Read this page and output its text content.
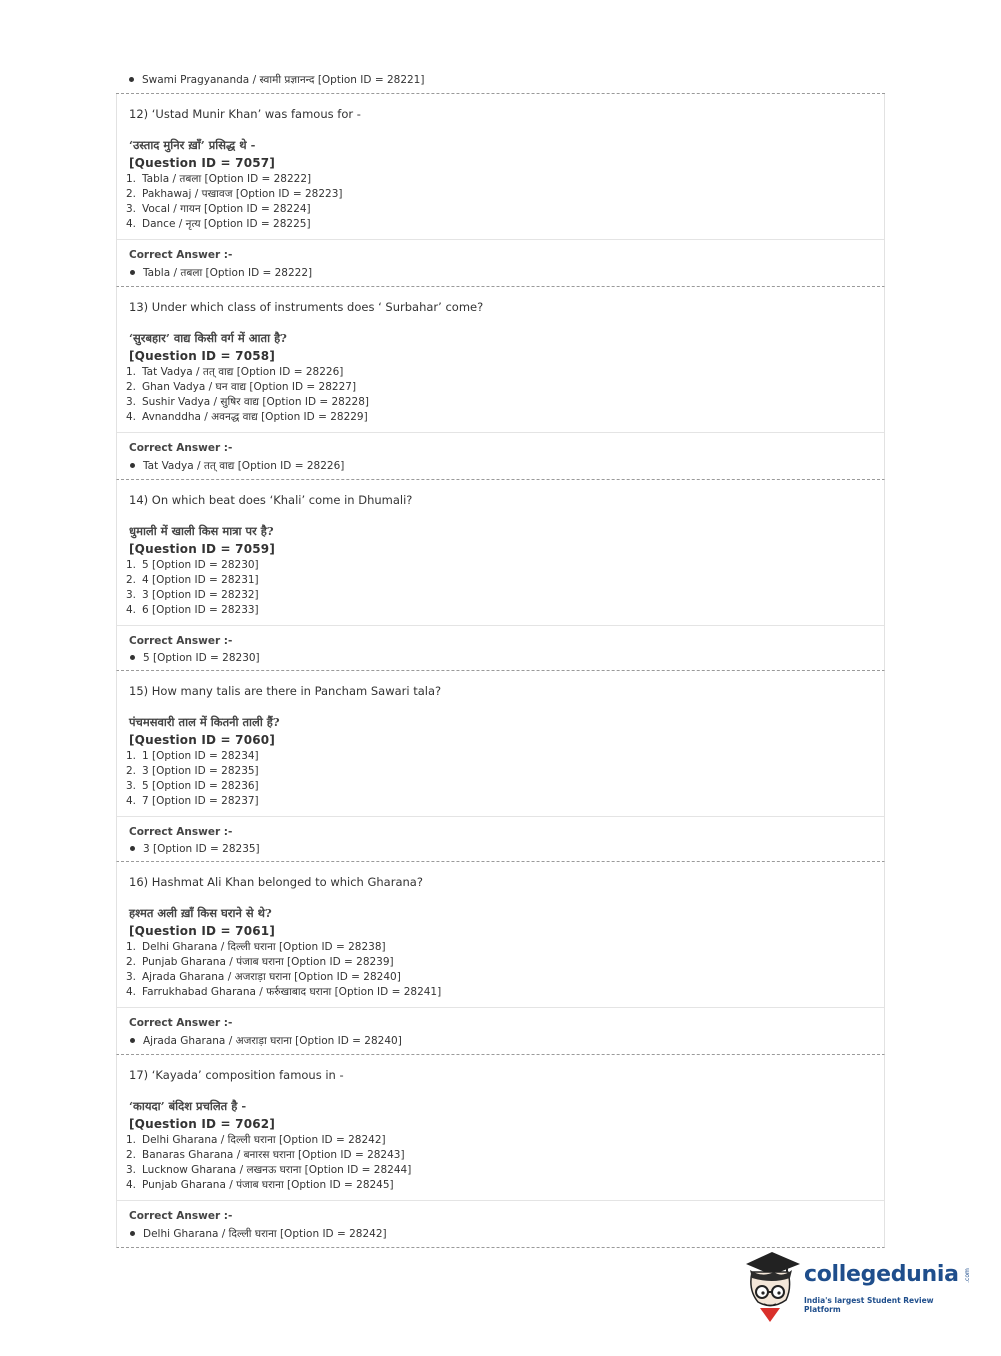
Swami Pragyananda / स्वामी प्रज्ञानन्द [Option ID = 28221]
12) ‘Ustad Munir Khan’ was famous for -
‘उस्ताद मुनिर ख़ाँ’ प्रसिद्ध थे -
[Question ID = 7057]
1. Tabla / तबला [Option ID = 28222]
2. Pakhawaj / पखावज [Option ID = 28223]
3. Vocal / गायन [Option ID = 28224]
4. Dance / नृत्य [Option ID = 28225]
Correct Answer :-
Tabla / तबला [Option ID = 28222]
13) Under which class of instruments does ‘ Surbahar’ come?
‘सुरबहार’ वाद्य किसी वर्ग में आता है?
[Question ID = 7058]
1. Tat Vadya / तत् वाद्य [Option ID = 28226]
2. Ghan Vadya / घन वाद्य [Option ID = 28227]
3. Sushir Vadya / सुषिर वाद्य [Option ID = 28228]
4. Avnanddha / अवनद्ध वाद्य [Option ID = 28229]
Correct Answer :-
Tat Vadya / तत् वाद्य [Option ID = 28226]
14) On which beat does ‘Khali’ come in Dhumali?
धुमाली में खाली किस मात्रा पर है?
[Question ID = 7059]
1. 5 [Option ID = 28230]
2. 4 [Option ID = 28231]
3. 3 [Option ID = 28232]
4. 6 [Option ID = 28233]
Correct Answer :-
5 [Option ID = 28230]
15) How many talis are there in Pancham Sawari tala?
पंचमसवारी ताल में कितनी ताली हैं?
[Question ID = 7060]
1. 1 [Option ID = 28234]
2. 3 [Option ID = 28235]
3. 5 [Option ID = 28236]
4. 7 [Option ID = 28237]
Correct Answer :-
3 [Option ID = 28235]
16) Hashmat Ali Khan belonged to which Gharana?
हश्मत अली ख़ाँ किस घराने से थे?
[Question ID = 7061]
1. Delhi Gharana / दिल्ली घराना [Option ID = 28238]
2. Punjab Gharana / पंजाब घराना [Option ID = 28239]
3. Ajrada Gharana / अजराड़ा घराना [Option ID = 28240]
4. Farrukhabad Gharana / फर्रुखाबाद घराना [Option ID = 28241]
Correct Answer :-
Ajrada Gharana / अजराड़ा घराना [Option ID = 28240]
17) ‘Kayada’ composition famous in -
‘कायदा’ बंदिश प्रचलित है -
[Question ID = 7062]
1. Delhi Gharana / दिल्ली घराना [Option ID = 28242]
2. Banaras Gharana / बनारस घराना [Option ID = 28243]
3. Lucknow Gharana / लखनऊ घराना [Option ID = 28244]
4. Punjab Gharana / पंजाब घराना [Option ID = 28245]
Correct Answer :-
Delhi Gharana / दिल्ली घराना [Option ID = 28242]
collegedunia .com
India's largest Student Review Platform
